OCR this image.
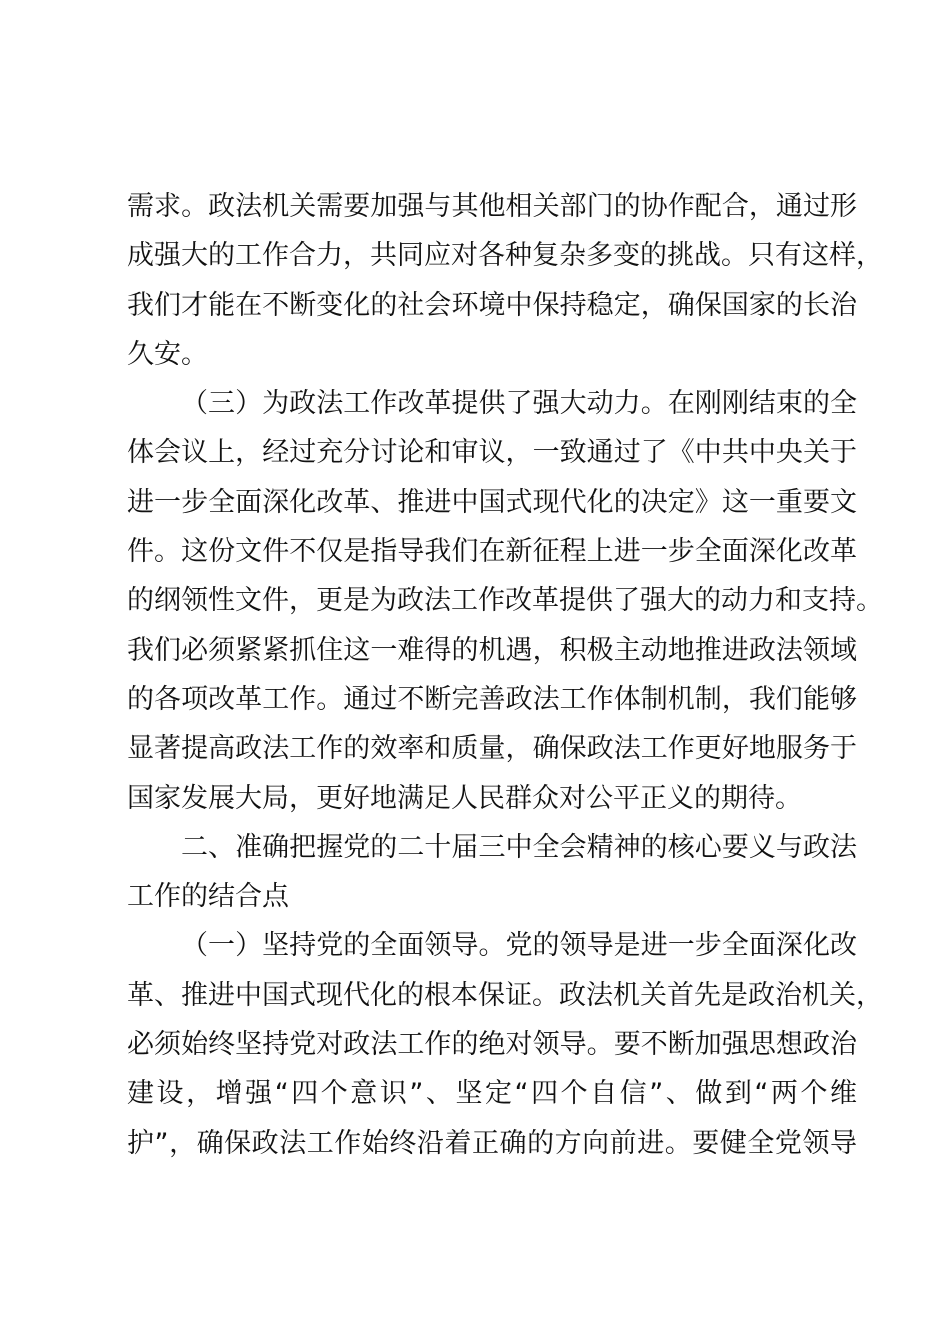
需求。政法机关需要加强与其他相关部门的协作配合，通过形
成强大的工作合力，共同应对各种复杂多变的挑战。只有这样，
我们才能在不断变化的社会环境中保持稳定，确保国家的长治
久安。
（三）为政法工作改革提供了强大动力。在刚刚结束的全
体会议上，经过充分讨论和审议，一致通过了《中共中央关于
进一步全面深化改革、推进中国式现代化的决定》这一重要文
件。这份文件不仅是指导我们在新征程上进一步全面深化改革
的纲领性文件，更是为政法工作改革提供了强大的动力和支持。
我们必须紧紧抓住这一难得的机遇，积极主动地推进政法领域
的各项改革工作。通过不断完善政法工作体制机制，我们能够
显著提高政法工作的效率和质量，确保政法工作更好地服务于
国家发展大局，更好地满足人民群众对公平正义的期待。
二、准确把握党的二十届三中全会精神的核心要义与政法
工作的结合点
（一）坚持党的全面领导。党的领导是进一步全面深化改
革、推进中国式现代化的根本保证。政法机关首先是政治机关，
必须始终坚持党对政法工作的绝对领导。要不断加强思想政治
建设，增强“四个意识”、坚定“四个自信”、做到“两个维
护”，确保政法工作始终沿着正确的方向前进。要健全党领导
